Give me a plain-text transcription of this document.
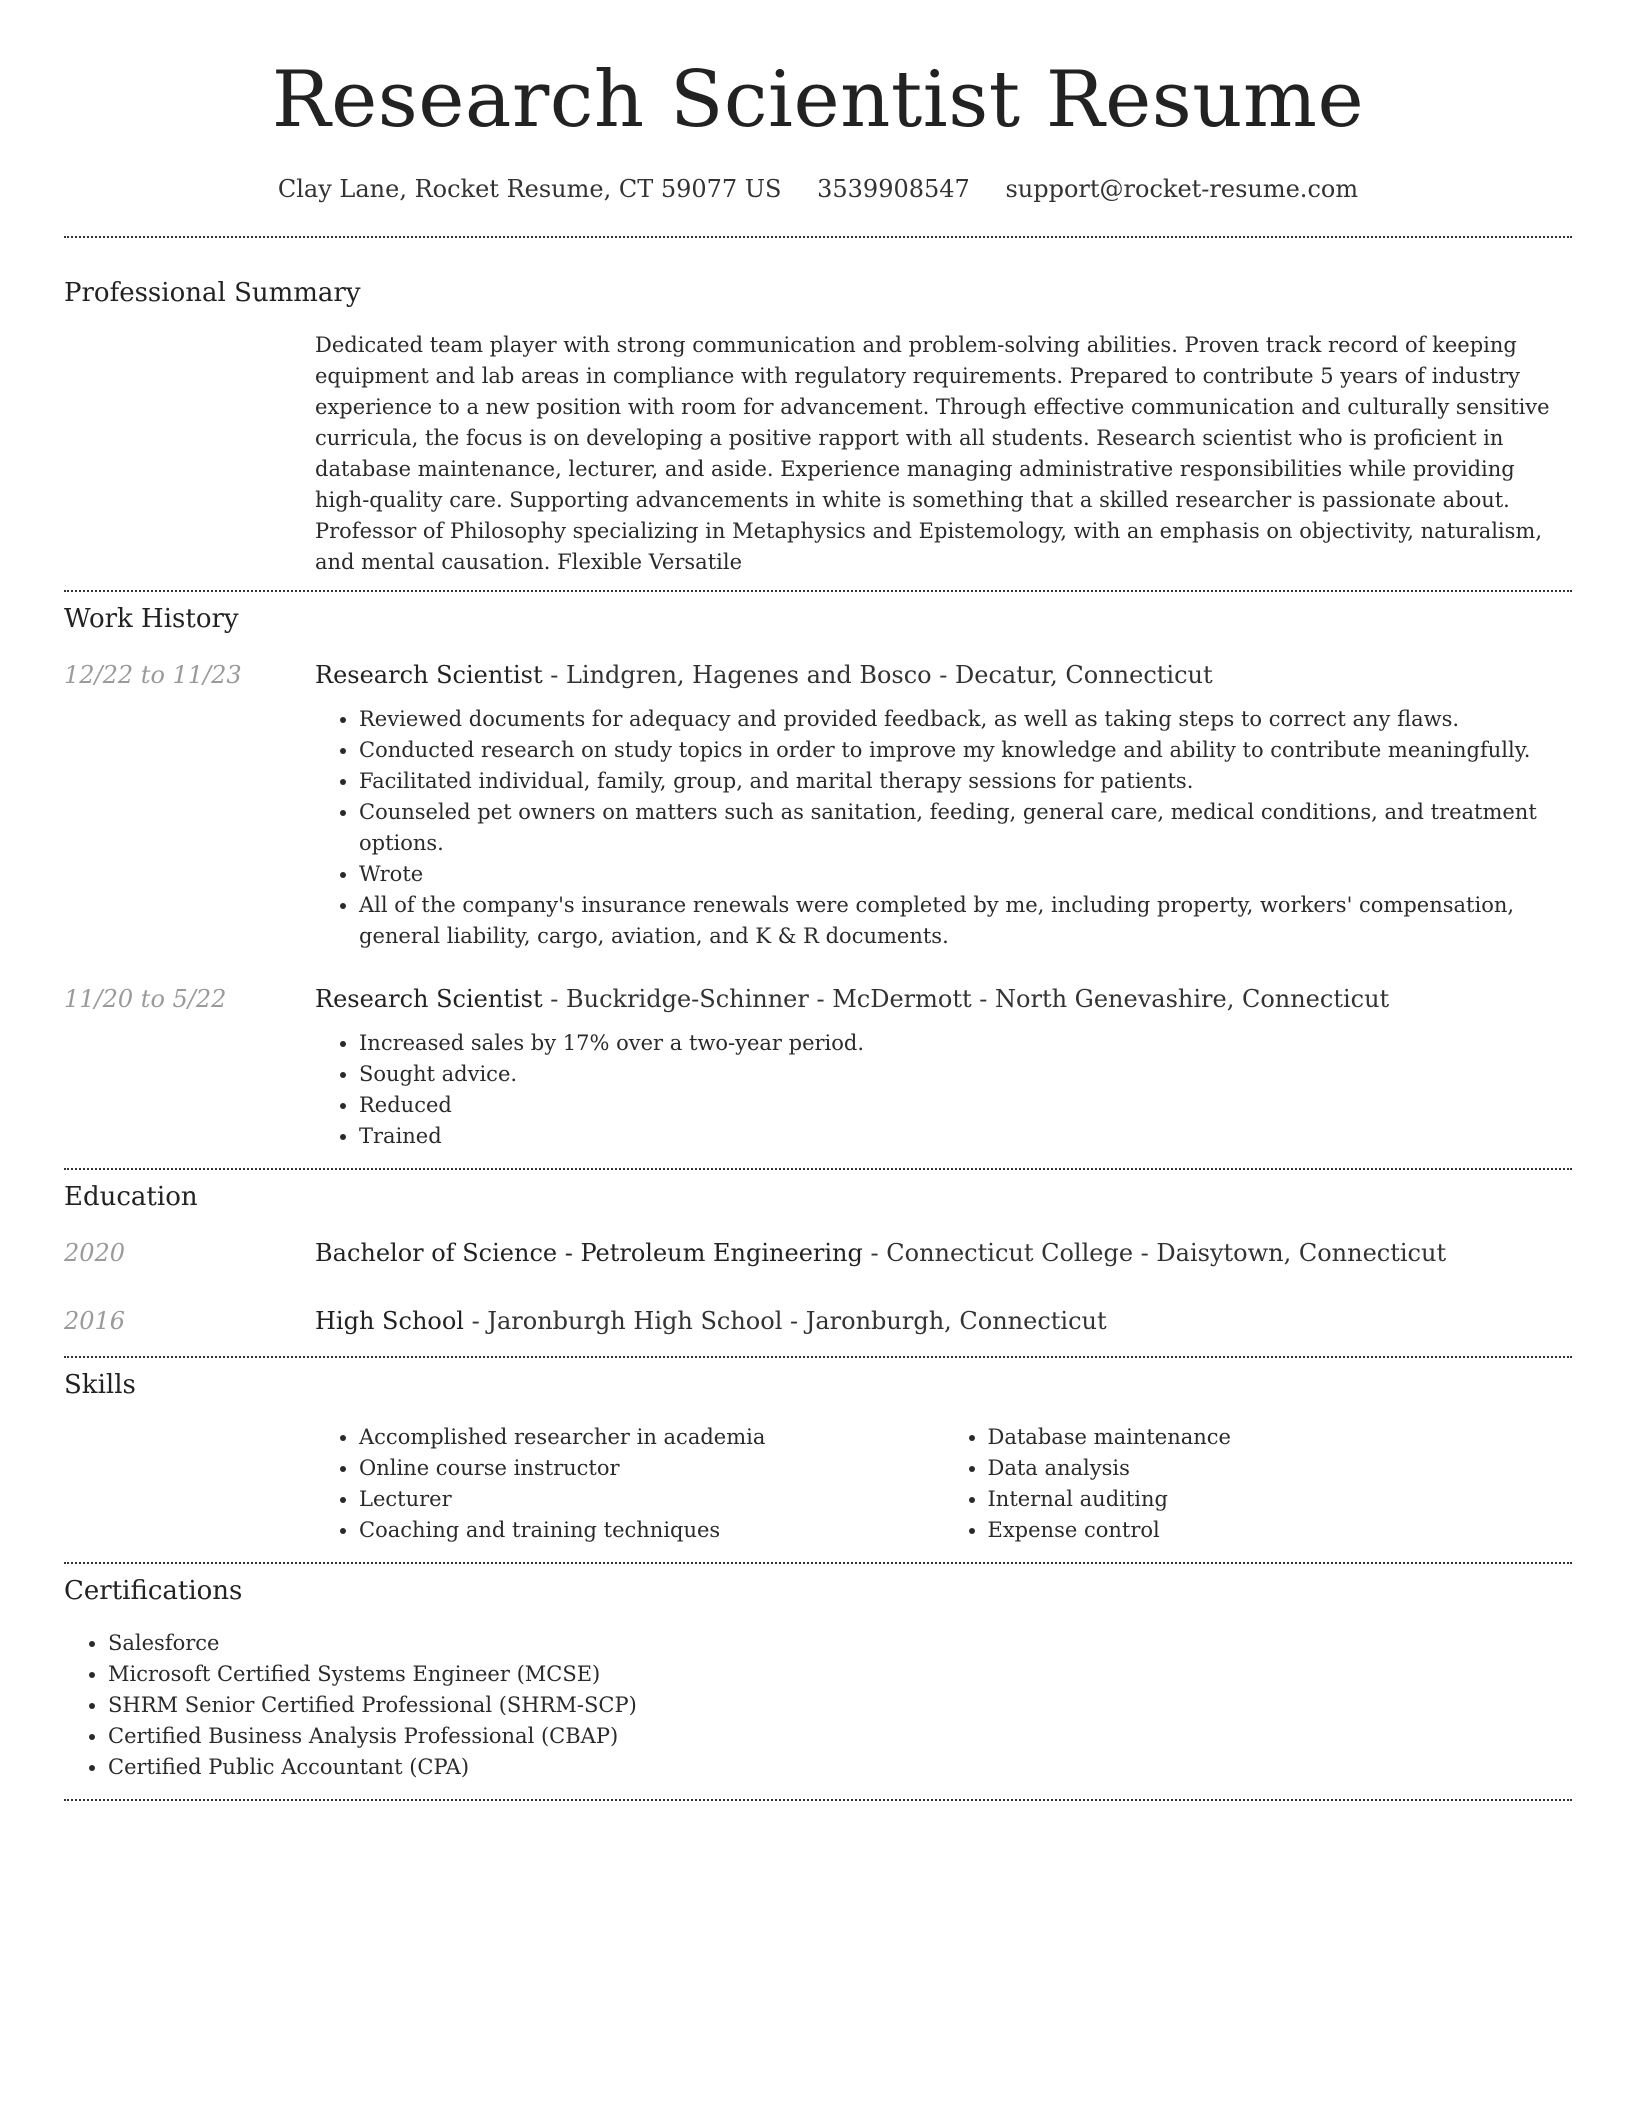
Research Scientist Resume
Clay Lane, Rocket Resume, CT 59077 US 3539908547 support@rocket-resume.com
Professional Summary
Dedicated team player with strong communication and problem-solving abilities. Proven track record of keeping equipment and lab areas in compliance with regulatory requirements. Prepared to contribute 5 years of industry experience to a new position with room for advancement. Through effective communication and culturally sensitive curricula, the focus is on developing a positive rapport with all students. Research scientist who is proficient in database maintenance, lecturer, and aside. Experience managing administrative responsibilities while providing high-quality care. Supporting advancements in white is something that a skilled researcher is passionate about. Professor of Philosophy specializing in Metaphysics and Epistemology, with an emphasis on objectivity, naturalism, and mental causation. Flexible Versatile
Work History
12/22 to 11/23	Research Scientist - Lindgren, Hagenes and Bosco - Decatur, Connecticut
• Reviewed documents for adequacy and provided feedback, as well as taking steps to correct any flaws.
• Conducted research on study topics in order to improve my knowledge and ability to contribute meaningfully.
• Facilitated individual, family, group, and marital therapy sessions for patients.
• Counseled pet owners on matters such as sanitation, feeding, general care, medical conditions, and treatment options.
• Wrote
• All of the company's insurance renewals were completed by me, including property, workers' compensation, general liability, cargo, aviation, and K & R documents.
11/20 to 5/22	Research Scientist - Buckridge-Schinner - McDermott - North Genevashire, Connecticut
• Increased sales by 17% over a two-year period.
• Sought advice.
• Reduced
• Trained
Education
2020	Bachelor of Science - Petroleum Engineering - Connecticut College - Daisytown, Connecticut
2016	High School - Jaronburgh High School - Jaronburgh, Connecticut
Skills
• Accomplished researcher in academia
• Online course instructor
• Lecturer
• Coaching and training techniques
• Database maintenance
• Data analysis
• Internal auditing
• Expense control
Certifications
• Salesforce
• Microsoft Certified Systems Engineer (MCSE)
• SHRM Senior Certified Professional (SHRM-SCP)
• Certified Business Analysis Professional (CBAP)
• Certified Public Accountant (CPA)
